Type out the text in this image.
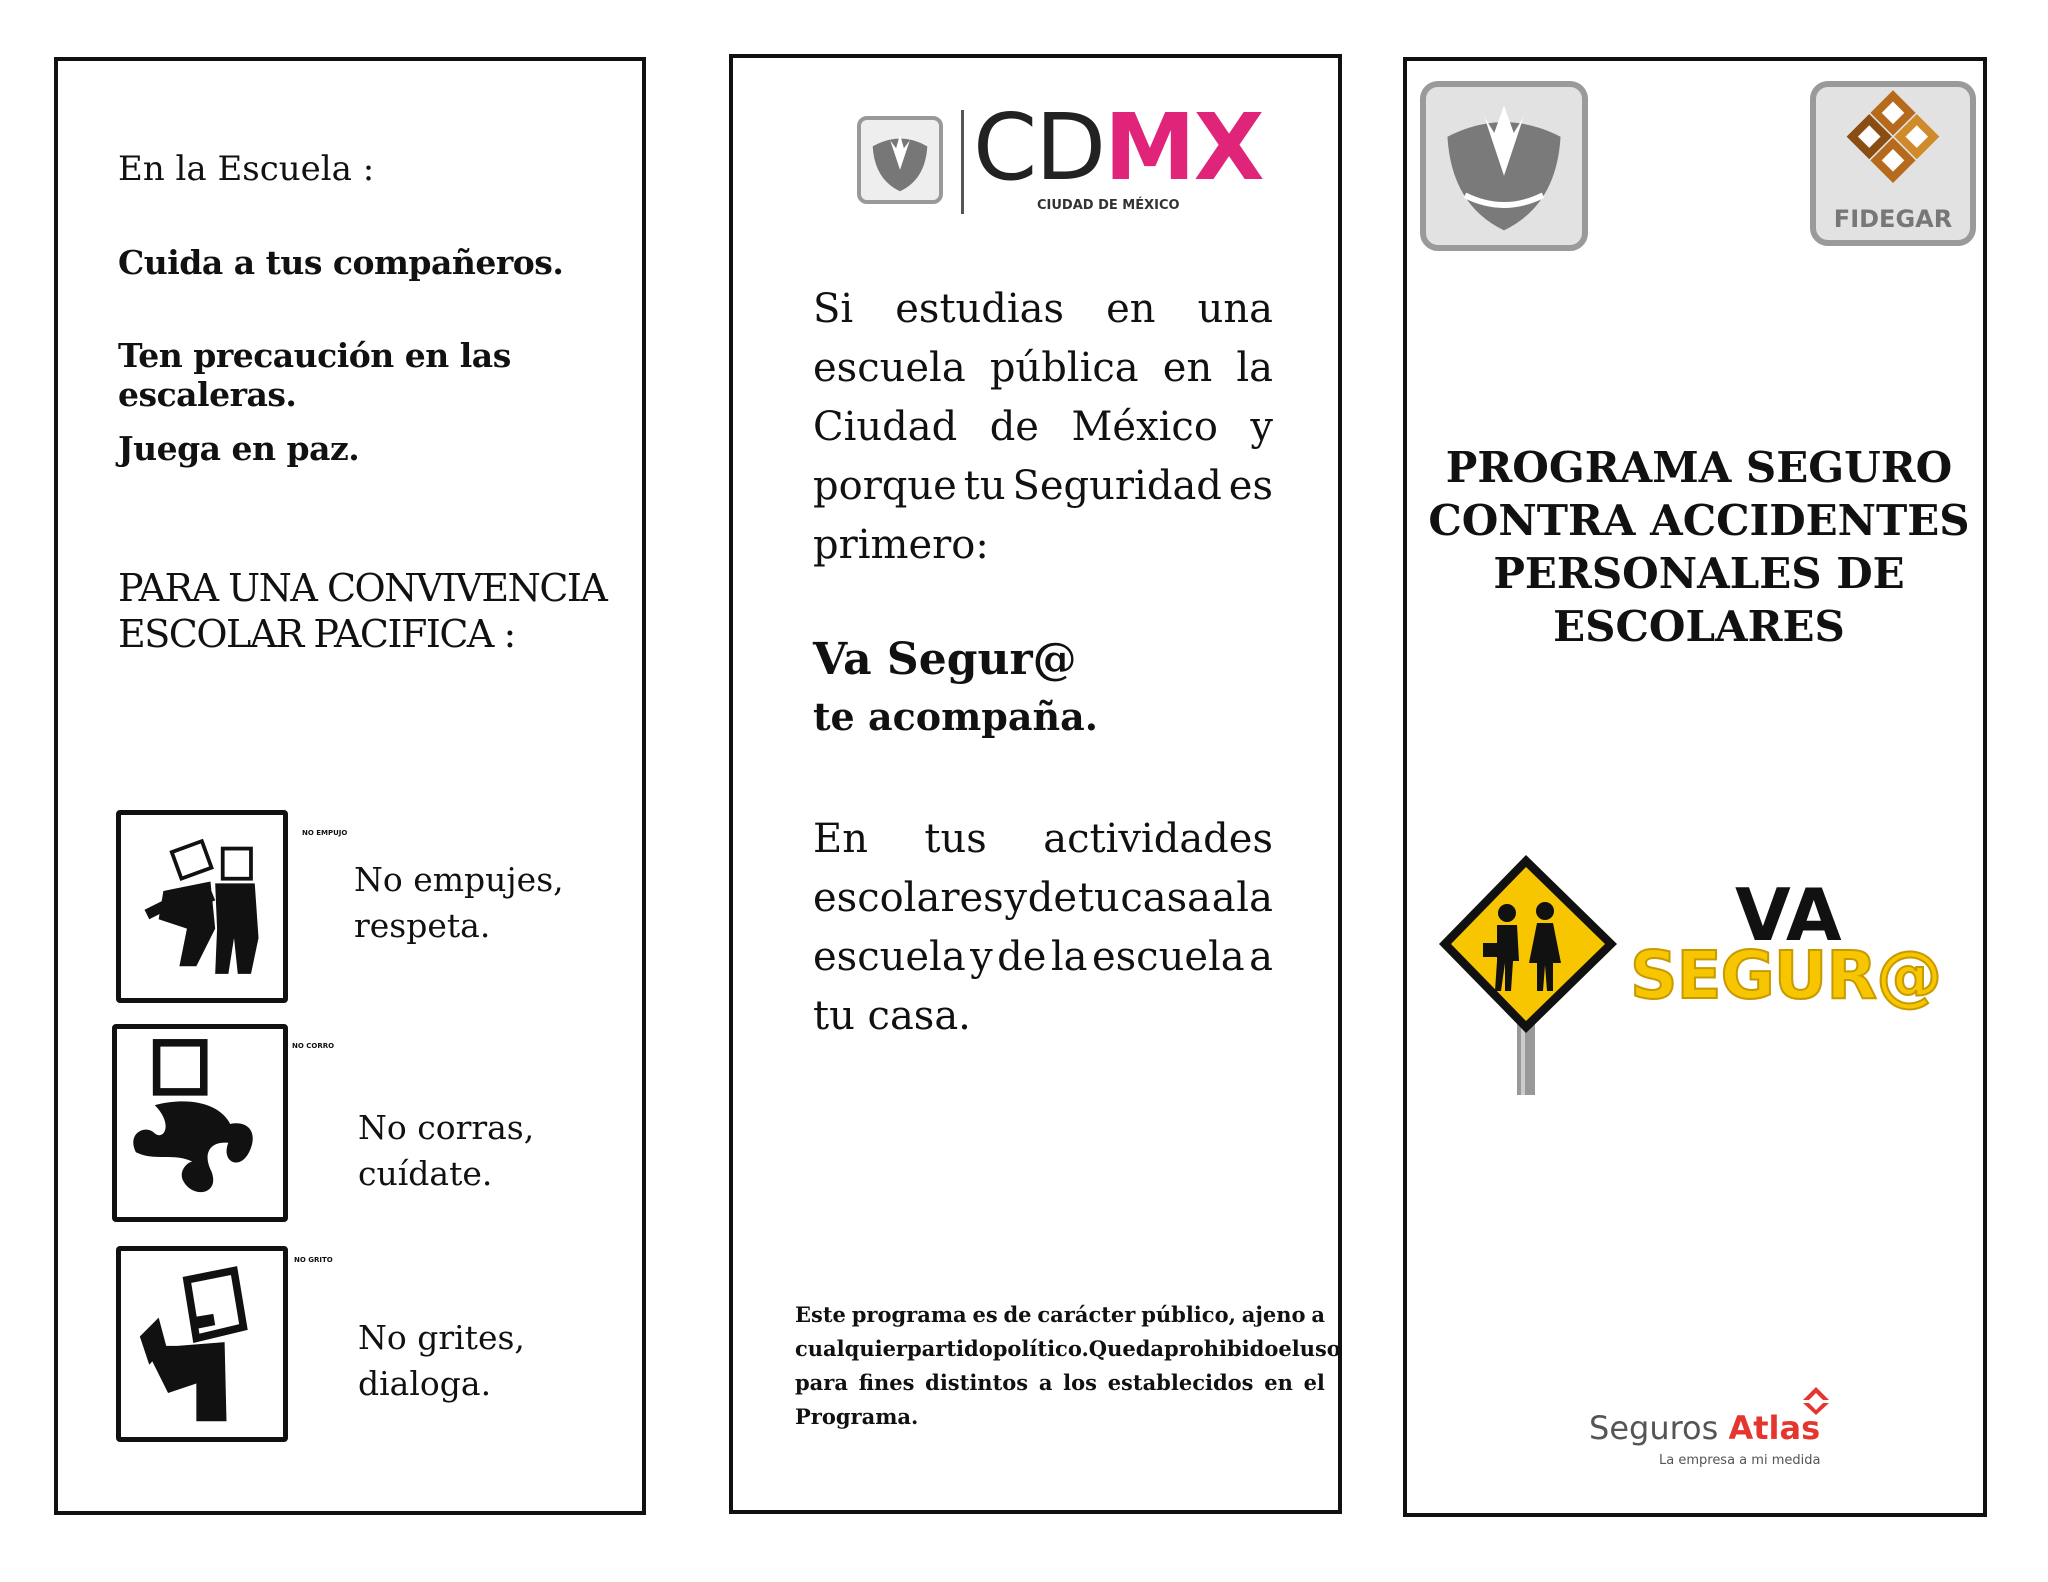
En la Escuela :
Cuida a tus compañeros.
Ten precaución en las escaleras.
Juega en paz.
PARA UNA CONVIVENCIA
ESCOLAR PACIFICA :
NO EMPUJO
No empujes,
respeta.
NO CORRO
No corras,
cuídate.
NO GRITO
No grites,
dialoga.
CDMX
CIUDAD DE MÉXICO
Si estudias en una
escuela pública en la
Ciudad de México y
porque tu Seguridad es
primero:
Va Segur@
te acompaña.
En tus actividades
escolares y de tu casa a la
escuela y de la escuela a
tu casa.
Este programa es de carácter público, ajeno a
cualquier partido político. Queda prohibido el uso
para fines distintos a los establecidos en el
Programa.
FIDEGAR
PROGRAMA SEGURO
CONTRA ACCIDENTES
PERSONALES DE
ESCOLARES
VA
SEGUR@
Seguros Atlas
La empresa a mi medida
